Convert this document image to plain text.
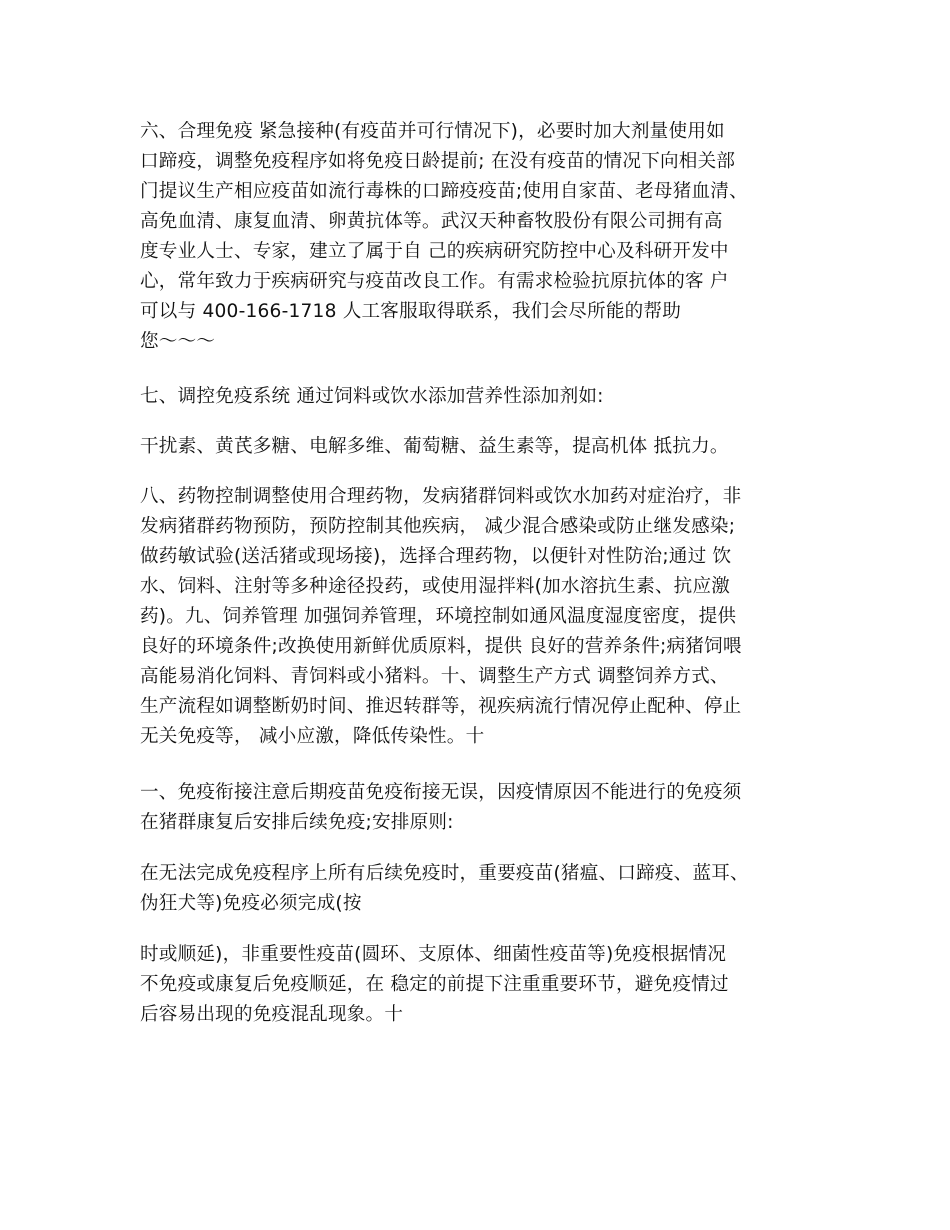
六、合理免疫 紧急接种(有疫苗并可行情况下)，必要时加大剂量使用如
口蹄疫，调整免疫程序如将免疫日龄提前; 在没有疫苗的情况下向相关部
门提议生产相应疫苗如流行毒株的口蹄疫疫苗;使用自家苗、老母猪血清、
高免血清、康复血清、卵黄抗体等。武汉天种畜牧股份有限公司拥有高
度专业人士、专家，建立了属于自 己的疾病研究防控中心及科研开发中
心，常年致力于疾病研究与疫苗改良工作。有需求检验抗原抗体的客 户
可以与 400-166-1718 人工客服取得联系，我们会尽所能的帮助
您～～～

七、调控免疫系统 通过饲料或饮水添加营养性添加剂如:

干扰素、黄芪多糖、电解多维、葡萄糖、益生素等，提高机体 抵抗力。

八、药物控制调整使用合理药物，发病猪群饲料或饮水加药对症治疗，非
发病猪群药物预防，预防控制其他疾病， 减少混合感染或防止继发感染;
做药敏试验(送活猪或现场接)，选择合理药物，以便针对性防治;通过 饮
水、饲料、注射等多种途径投药，或使用湿拌料(加水溶抗生素、抗应激
药)。九、饲养管理 加强饲养管理，环境控制如通风温度湿度密度，提供
良好的环境条件;改换使用新鲜优质原料，提供 良好的营养条件;病猪饲喂
高能易消化饲料、青饲料或小猪料。十、调整生产方式 调整饲养方式、
生产流程如调整断奶时间、推迟转群等，视疾病流行情况停止配种、停止
无关免疫等， 减小应激，降低传染性。十

一、免疫衔接注意后期疫苗免疫衔接无误，因疫情原因不能进行的免疫须
在猪群康复后安排后续免疫;安排原则:

在无法完成免疫程序上所有后续免疫时，重要疫苗(猪瘟、口蹄疫、蓝耳、
伪狂犬等)免疫必须完成(按

时或顺延)，非重要性疫苗(圆环、支原体、细菌性疫苗等)免疫根据情况
不免疫或康复后免疫顺延，在 稳定的前提下注重重要环节，避免疫情过
后容易出现的免疫混乱现象。十
